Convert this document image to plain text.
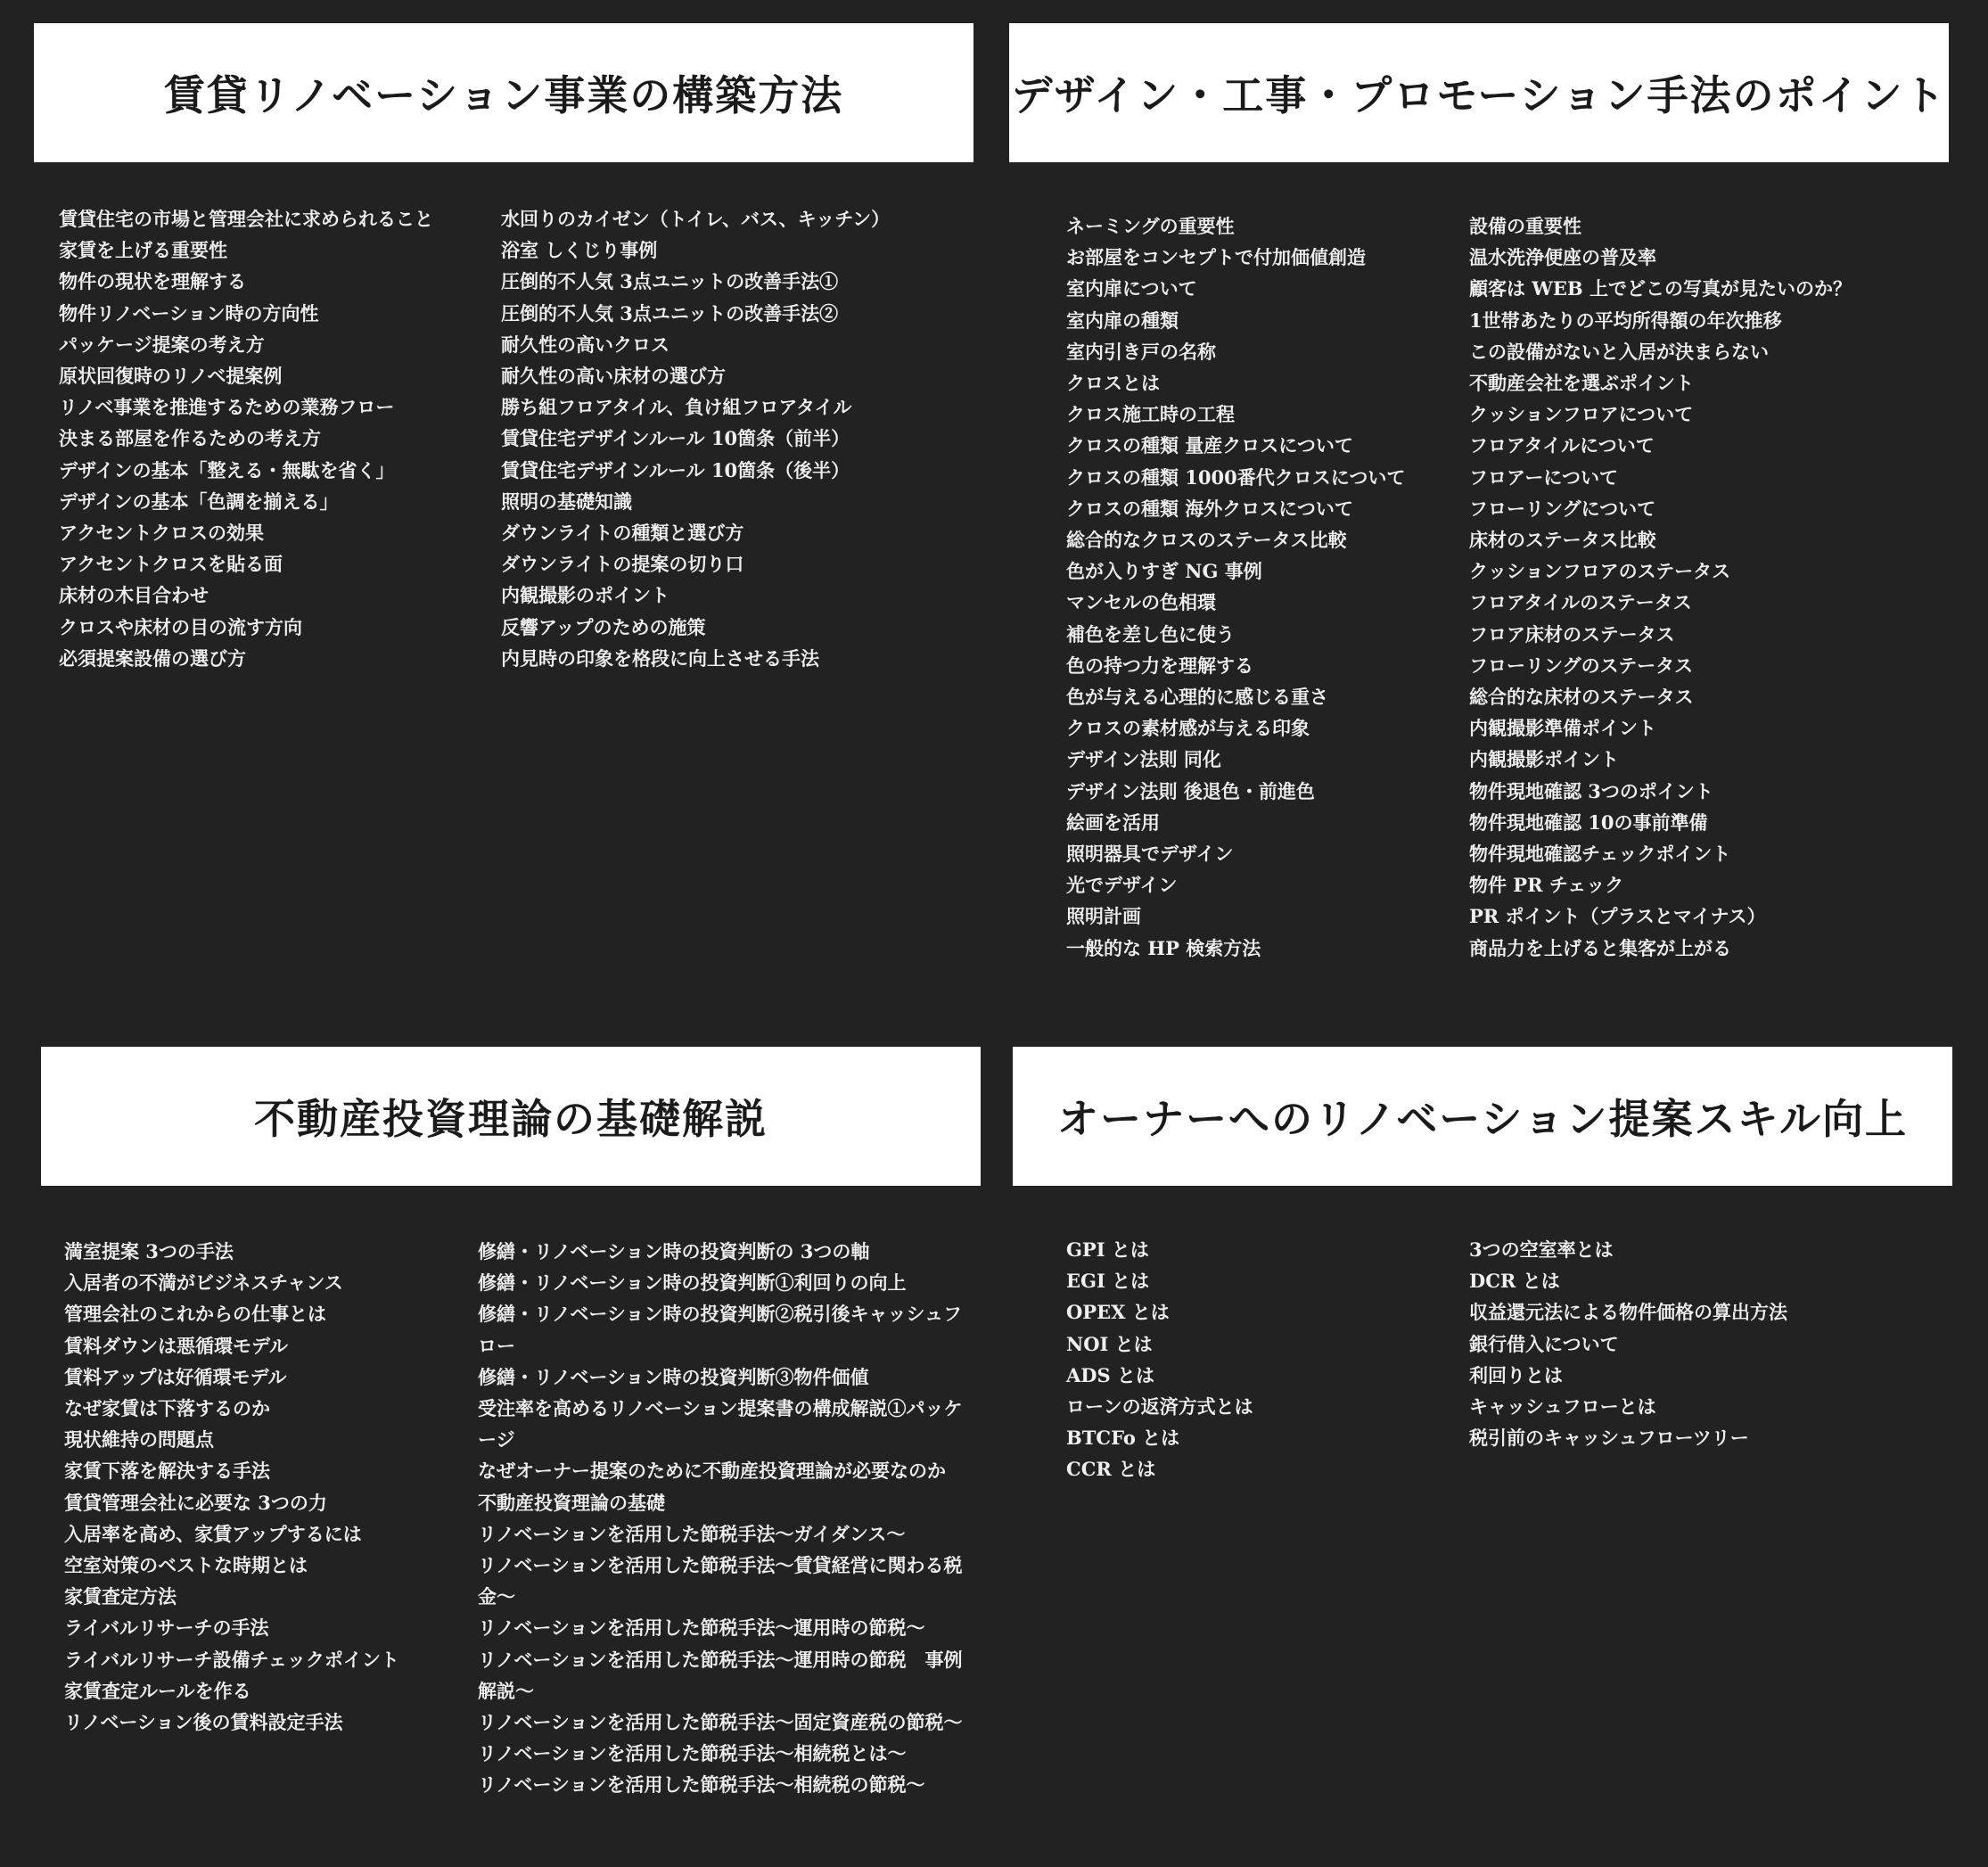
賃貸リノベーション事業の構築方法
賃貸住宅の市場と管理会社に求められること
家賃を上げる重要性
物件の現状を理解する
物件リノベーション時の方向性
パッケージ提案の考え方
原状回復時のリノベ提案例
リノベ事業を推進するための業務フロー
決まる部屋を作るための考え方
デザインの基本「整える・無駄を省く」
デザインの基本「色調を揃える」
アクセントクロスの効果
アクセントクロスを貼る面
床材の木目合わせ
クロスや床材の目の流す方向
必須提案設備の選び方
水回りのカイゼン（トイレ、バス、キッチン）
浴室 しくじり事例
圧倒的不人気 3点ユニットの改善手法①
圧倒的不人気 3点ユニットの改善手法②
耐久性の高いクロス
耐久性の高い床材の選び方
勝ち組フロアタイル、負け組フロアタイル
賃貸住宅デザインルール 10箇条（前半）
賃貸住宅デザインルール 10箇条（後半）
照明の基礎知識
ダウンライトの種類と選び方
ダウンライトの提案の切り口
内観撮影のポイント
反響アップのための施策
内見時の印象を格段に向上させる手法
デザイン・工事・プロモーション手法のポイント
ネーミングの重要性
お部屋をコンセプトで付加価値創造
室内扉について
室内扉の種類
室内引き戸の名称
クロスとは
クロス施工時の工程
クロスの種類 量産クロスについて
クロスの種類 1000番代クロスについて
クロスの種類 海外クロスについて
総合的なクロスのステータス比較
色が入りすぎ NG 事例
マンセルの色相環
補色を差し色に使う
色の持つ力を理解する
色が与える心理的に感じる重さ
クロスの素材感が与える印象
デザイン法則 同化
デザイン法則 後退色・前進色
絵画を活用
照明器具でデザイン
光でデザイン
照明計画
一般的な HP 検索方法
設備の重要性
温水洗浄便座の普及率
顧客は WEB 上でどこの写真が見たいのか？
1世帯あたりの平均所得額の年次推移
この設備がないと入居が決まらない
不動産会社を選ぶポイント
クッションフロアについて
フロアタイルについて
フロアーについて
フローリングについて
床材のステータス比較
クッションフロアのステータス
フロアタイルのステータス
フロア床材のステータス
フローリングのステータス
総合的な床材のステータス
内観撮影準備ポイント
内観撮影ポイント
物件現地確認 3つのポイント
物件現地確認 10の事前準備
物件現地確認チェックポイント
物件 PR チェック
PR ポイント（プラスとマイナス）
商品力を上げると集客が上がる
不動産投資理論の基礎解説
満室提案 3つの手法
入居者の不満がビジネスチャンス
管理会社のこれからの仕事とは
賃料ダウンは悪循環モデル
賃料アップは好循環モデル
なぜ家賃は下落するのか
現状維持の問題点
家賃下落を解決する手法
賃貸管理会社に必要な 3つの力
入居率を高め、家賃アップするには
空室対策のベストな時期とは
家賃査定方法
ライバルリサーチの手法
ライバルリサーチ設備チェックポイント
家賃査定ルールを作る
リノベーション後の賃料設定手法
修繕・リノベーション時の投資判断の 3つの軸
修繕・リノベーション時の投資判断①利回りの向上
修繕・リノベーション時の投資判断②税引後キャッシュフロー
修繕・リノベーション時の投資判断③物件価値
受注率を高めるリノベーション提案書の構成解説①パッケージ
なぜオーナー提案のために不動産投資理論が必要なのか
不動産投資理論の基礎
リノベーションを活用した節税手法～ガイダンス～
リノベーションを活用した節税手法～賃貸経営に関わる税金～
リノベーションを活用した節税手法～運用時の節税～
リノベーションを活用した節税手法～運用時の節税　事例解説～
リノベーションを活用した節税手法～固定資産税の節税～
リノベーションを活用した節税手法～相続税とは～
リノベーションを活用した節税手法～相続税の節税～
オーナーへのリノベーション提案スキル向上
GPI とは
EGI とは
OPEX とは
NOI とは
ADS とは
ローンの返済方式とは
BTCFo とは
CCR とは
3つの空室率とは
DCR とは
収益還元法による物件価格の算出方法
銀行借入について
利回りとは
キャッシュフローとは
税引前のキャッシュフローツリー
